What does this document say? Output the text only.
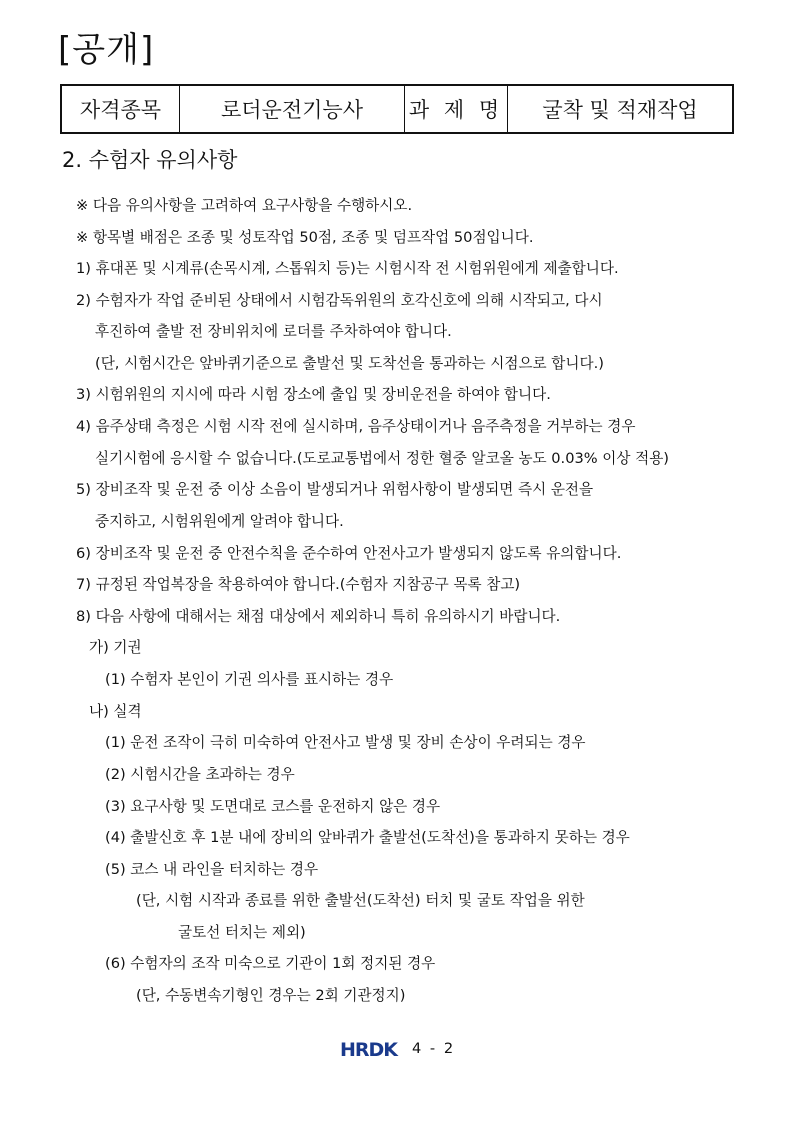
[공개]
자격종목	로더운전기능사	과 제 명	굴착 및 적재작업
2. 수험자 유의사항
※ 다음 유의사항을 고려하여 요구사항을 수행하시오.
※ 항목별 배점은 조종 및 성토작업 50점, 조종 및 덤프작업 50점입니다.
1) 휴대폰 및 시계류(손목시계, 스톱워치 등)는 시험시작 전 시험위원에게 제출합니다.
2) 수험자가 작업 준비된 상태에서 시험감독위원의 호각신호에 의해 시작되고, 다시
후진하여 출발 전 장비위치에 로더를 주차하여야 합니다.
(단, 시험시간은 앞바퀴기준으로 출발선 및 도착선을 통과하는 시점으로 합니다.)
3) 시험위원의 지시에 따라 시험 장소에 출입 및 장비운전을 하여야 합니다.
4) 음주상태 측정은 시험 시작 전에 실시하며, 음주상태이거나 음주측정을 거부하는 경우
실기시험에 응시할 수 없습니다.(도로교통법에서 정한 혈중 알코올 농도 0.03% 이상 적용)
5) 장비조작 및 운전 중 이상 소음이 발생되거나 위험사항이 발생되면 즉시 운전을
중지하고, 시험위원에게 알려야 합니다.
6) 장비조작 및 운전 중 안전수칙을 준수하여 안전사고가 발생되지 않도록 유의합니다.
7) 규정된 작업복장을 착용하여야 합니다.(수험자 지참공구 목록 참고)
8) 다음 사항에 대해서는 채점 대상에서 제외하니 특히 유의하시기 바랍니다.
가) 기권
(1) 수험자 본인이 기권 의사를 표시하는 경우
나) 실격
(1) 운전 조작이 극히 미숙하여 안전사고 발생 및 장비 손상이 우려되는 경우
(2) 시험시간을 초과하는 경우
(3) 요구사항 및 도면대로 코스를 운전하지 않은 경우
(4) 출발신호 후 1분 내에 장비의 앞바퀴가 출발선(도착선)을 통과하지 못하는 경우
(5) 코스 내 라인을 터치하는 경우
(단, 시험 시작과 종료를 위한 출발선(도착선) 터치 및 굴토 작업을 위한
굴토선 터치는 제외)
(6) 수험자의 조작 미숙으로 기관이 1회 정지된 경우
(단, 수동변속기형인 경우는 2회 기관정지)
HRDK 4 - 2
